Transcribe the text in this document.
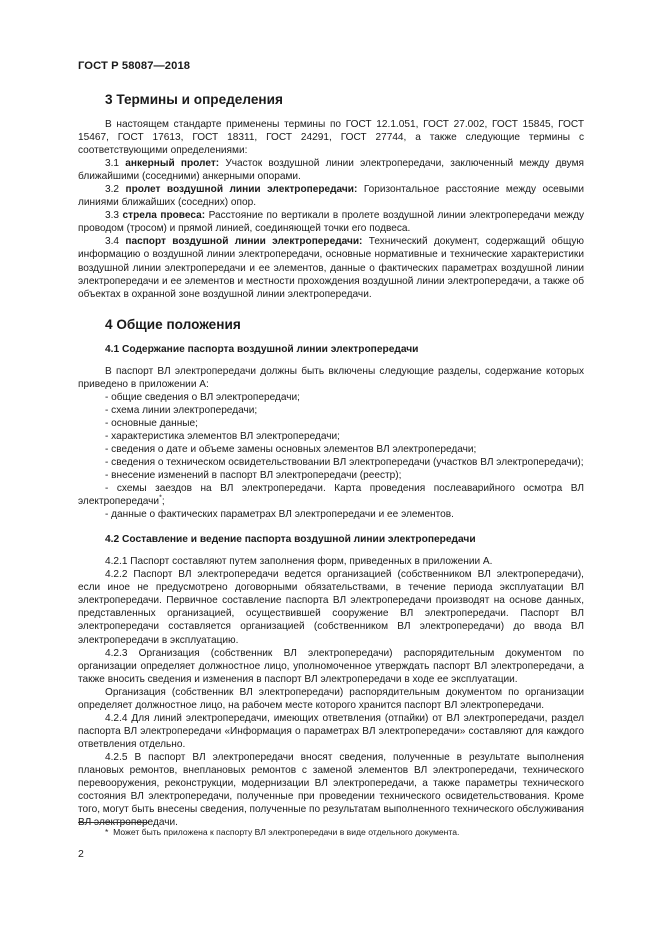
ГОСТ Р 58087—2018
3 Термины и определения

В настоящем стандарте применены термины по ГОСТ 12.1.051, ГОСТ 27.002, ГОСТ 15845, ГОСТ 15467, ГОСТ 17613, ГОСТ 18311, ГОСТ 24291, ГОСТ 27744, а также следующие термины с соответствующими определениями:

3.1 анкерный пролет: Участок воздушной линии электропередачи, заключенный между двумя ближайшими (соседними) анкерными опорами.

3.2 пролет воздушной линии электропередачи: Горизонтальное расстояние между осевыми линиями ближайших (соседних) опор.

3.3 стрела провеса: Расстояние по вертикали в пролете воздушной линии электропередачи между проводом (тросом) и прямой линией, соединяющей точки его подвеса.

3.4 паспорт воздушной линии электропередачи: Технический документ, содержащий общую информацию о воздушной линии электропередачи, основные нормативные и технические характеристики воздушной линии электропередачи и ее элементов, данные о фактических параметрах воздушной линии электропередачи и ее элементов и местности прохождения воздушной линии электропередачи, а также об объектах в охранной зоне воздушной линии электропередачи.

4 Общие положения
4.1 Содержание паспорта воздушной линии электропередачи

В паспорт ВЛ электропередачи должны быть включены следующие разделы, содержание которых приведено в приложении А:

- общие сведения о ВЛ электропередачи;
- схема линии электропередачи;
- основные данные;
- характеристика элементов ВЛ электропередачи;
- сведения о дате и объеме замены основных элементов ВЛ электропередачи;
- сведения о техническом освидетельствовании ВЛ электропередачи (участков ВЛ электропередачи);
- внесение изменений в паспорт ВЛ электропередачи (реестр);
- схемы заездов на ВЛ электропередачи. Карта проведения послеаварийного осмотра ВЛ электропередачи*;
- данные о фактических параметрах ВЛ электропередачи и ее элементов.
4.2 Составление и ведение паспорта воздушной линии электропередачи

4.2.1 Паспорт составляют путем заполнения форм, приведенных в приложении А.

4.2.2 Паспорт ВЛ электропередачи ведется организацией (собственником ВЛ электропередачи), если иное не предусмотрено договорными обязательствами, в течение периода эксплуатации ВЛ электропередачи. Первичное составление паспорта ВЛ электропередачи производят на основе данных, представленных организацией, осуществившей сооружение ВЛ электропередачи. Паспорт ВЛ электропередачи составляется организацией (собственником ВЛ электропередачи) до ввода ВЛ электропередачи в эксплуатацию.

4.2.3 Организация (собственник ВЛ электропередачи) распорядительным документом по организации определяет должностное лицо, уполномоченное утверждать паспорт ВЛ электропередачи, а также вносить сведения и изменения в паспорт ВЛ электропередачи в ходе ее эксплуатации.

Организация (собственник ВЛ электропередачи) распорядительным документом по организации определяет должностное лицо, на рабочем месте которого хранится паспорт ВЛ электропередачи.

4.2.4 Для линий электропередачи, имеющих ответвления (отпайки) от ВЛ электропередачи, раздел паспорта ВЛ электропередачи «Информация о параметрах ВЛ электропередачи» составляют для каждого ответвления отдельно.

4.2.5 В паспорт ВЛ электропередачи вносят сведения, полученные в результате выполнения плановых ремонтов, внеплановых ремонтов с заменой элементов ВЛ электропередачи, технического перевооружения, реконструкции, модернизации ВЛ электропередачи, а также параметры технического состояния ВЛ электропередачи, полученные при проведении технического освидетельствования. Кроме того, могут быть внесены сведения, полученные по результатам выполненного технического обслуживания ВЛ электропередачи.

* Может быть приложена к паспорту ВЛ электропередачи в виде отдельного документа.
2
